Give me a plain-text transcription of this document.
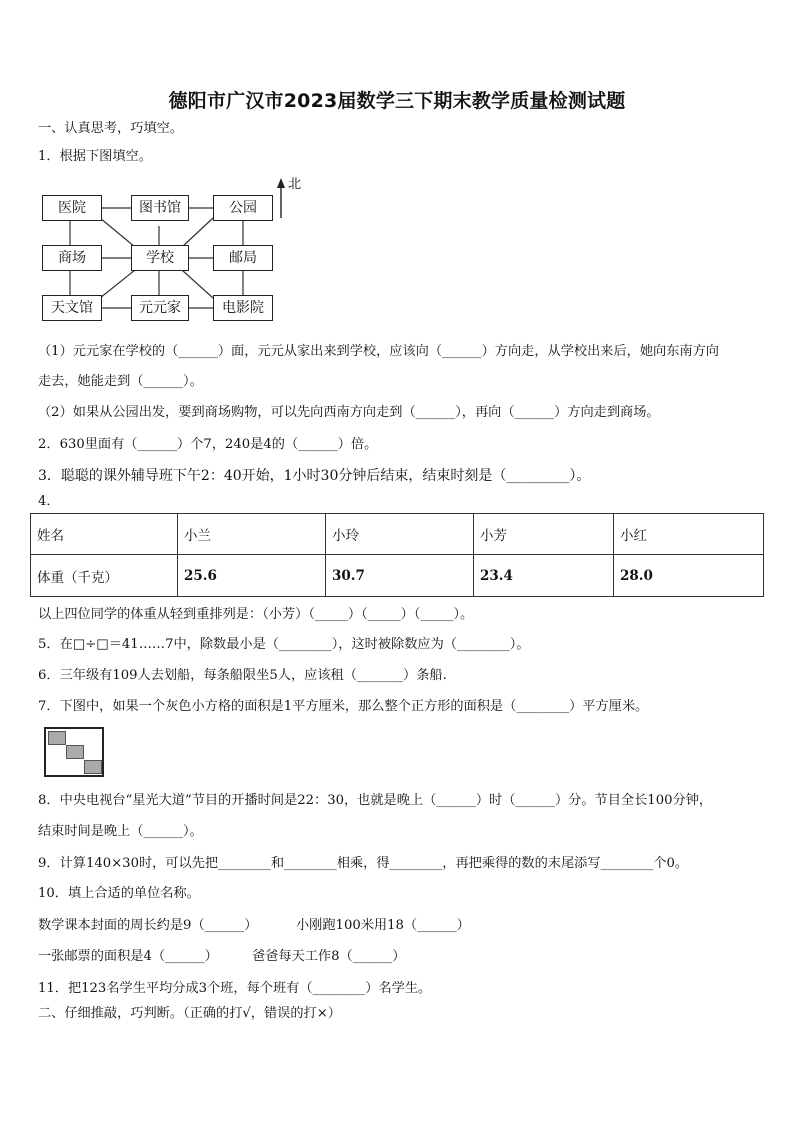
德阳市广汉市2023届数学三下期末教学质量检测试题
一、认真思考，巧填空。
1．根据下图填空。
北
医院	图书馆	公园
商场	学校	邮局
天文馆	元元家	电影院
（1）元元家在学校的（______）面，元元从家出来到学校，应该向（______）方向走，从学校出来后，她向东南方向
走去，她能走到（______）。
（2）如果从公园出发，要到商场购物，可以先向西南方向走到（______），再向（______）方向走到商场。
2．630里面有（______）个7，240是4的（______）倍。
3．聪聪的课外辅导班下午2：40开始，1小时30分钟后结束，结束时刻是（_________）。
4．
姓名	小兰	小玲	小芳	小红
体重（千克）	25.6	30.7	23.4	28.0
以上四位同学的体重从轻到重排列是：（小芳）（_____）（_____）（_____）。
5．在□÷□＝41……7中，除数最小是（________），这时被除数应为（________）。
6．三年级有109人去划船，每条船限坐5人，应该租（_______）条船.
7．下图中，如果一个灰色小方格的面积是1平方厘米，那么整个正方形的面积是（________）平方厘米。
8．中央电视台“星光大道”节目的开播时间是22：30，也就是晚上（______）时（______）分。节目全长100分钟，
结束时间是晚上（______）。
9．计算140×30时，可以先把________和________相乘，得________，再把乘得的数的末尾添写________个0。
10．填上合适的单位名称。
数学课本封面的周长约是9（______）	小刚跑100米用18（______）
一张邮票的面积是4（______）	爸爸每天工作8（______）
11．把123名学生平均分成3个班，每个班有（________）名学生。
二、仔细推敲，巧判断。（正确的打√，错误的打×）
